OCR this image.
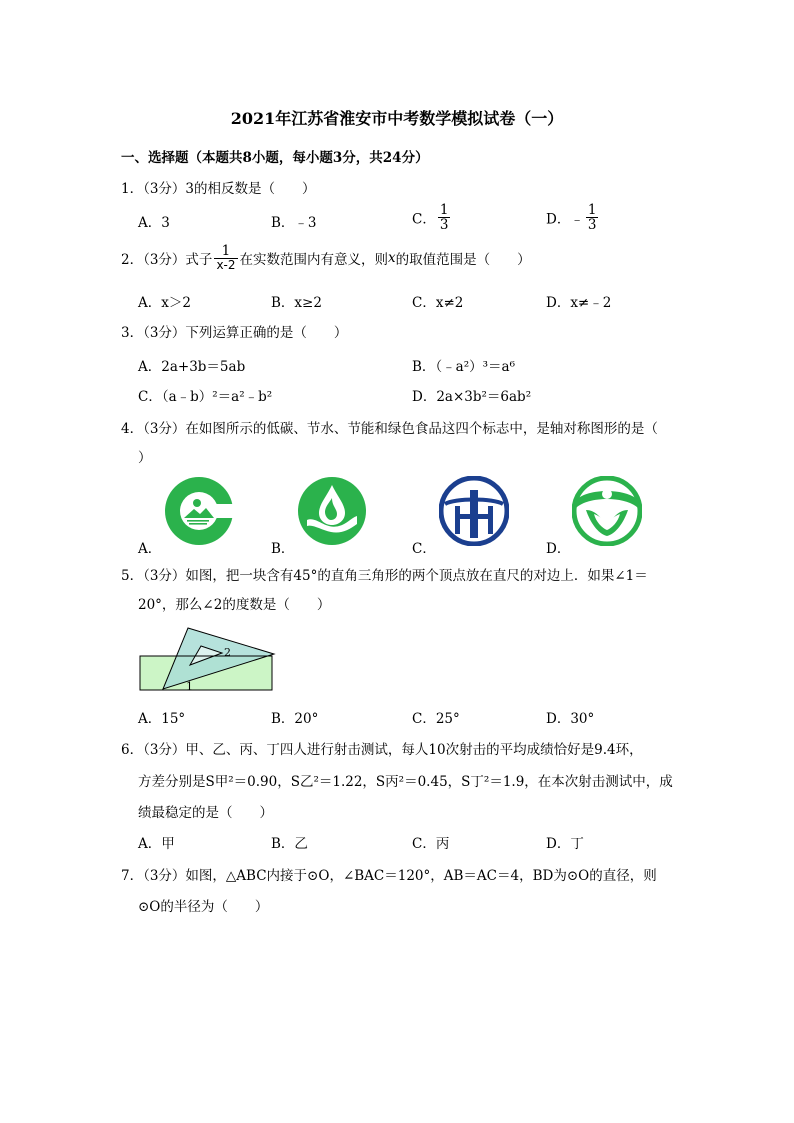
2021年江苏省淮安市中考数学模拟试卷（一）
一、选择题（本题共8小题，每小题3分，共24分）
1．（3分）3的相反数是（　　）
A．3	B．﹣3	C． $\frac{1}{3}$	D．﹣ $\frac{1}{3}$
2．（3分）式子 $\frac{1}{x-2}$ 在实数范围内有意义，则x的取值范围是（　　）
A．x＞2	B．x≥2	C．x≠2	D．x≠﹣2
3．（3分）下列运算正确的是（　　）
A．2a+3b＝5ab	B．（﹣a²）³＝a⁶
C．（a﹣b）²＝a²﹣b²	D．2a×3b²＝6ab²
4．（3分）在如图所示的低碳、节水、节能和绿色食品这四个标志中，是轴对称图形的是（
）
A．	B．	C．	D．
5．（3分）如图，把一块含有45°的直角三角形的两个顶点放在直尺的对边上．如果∠1＝
20°，那么∠2的度数是（　　）
2
1
A．15°	B．20°	C．25°	D．30°
6．（3分）甲、乙、丙、丁四人进行射击测试，每人10次射击的平均成绩恰好是9.4环，
方差分别是S甲²＝0.90，S乙²＝1.22，S丙²＝0.45，S丁²＝1.9，在本次射击测试中，成
绩最稳定的是（　　）
A．甲	B．乙	C．丙	D．丁
7．（3分）如图，△ABC内接于⊙O，∠BAC＝120°，AB＝AC＝4，BD为⊙O的直径，则
⊙O的半径为（　　）
